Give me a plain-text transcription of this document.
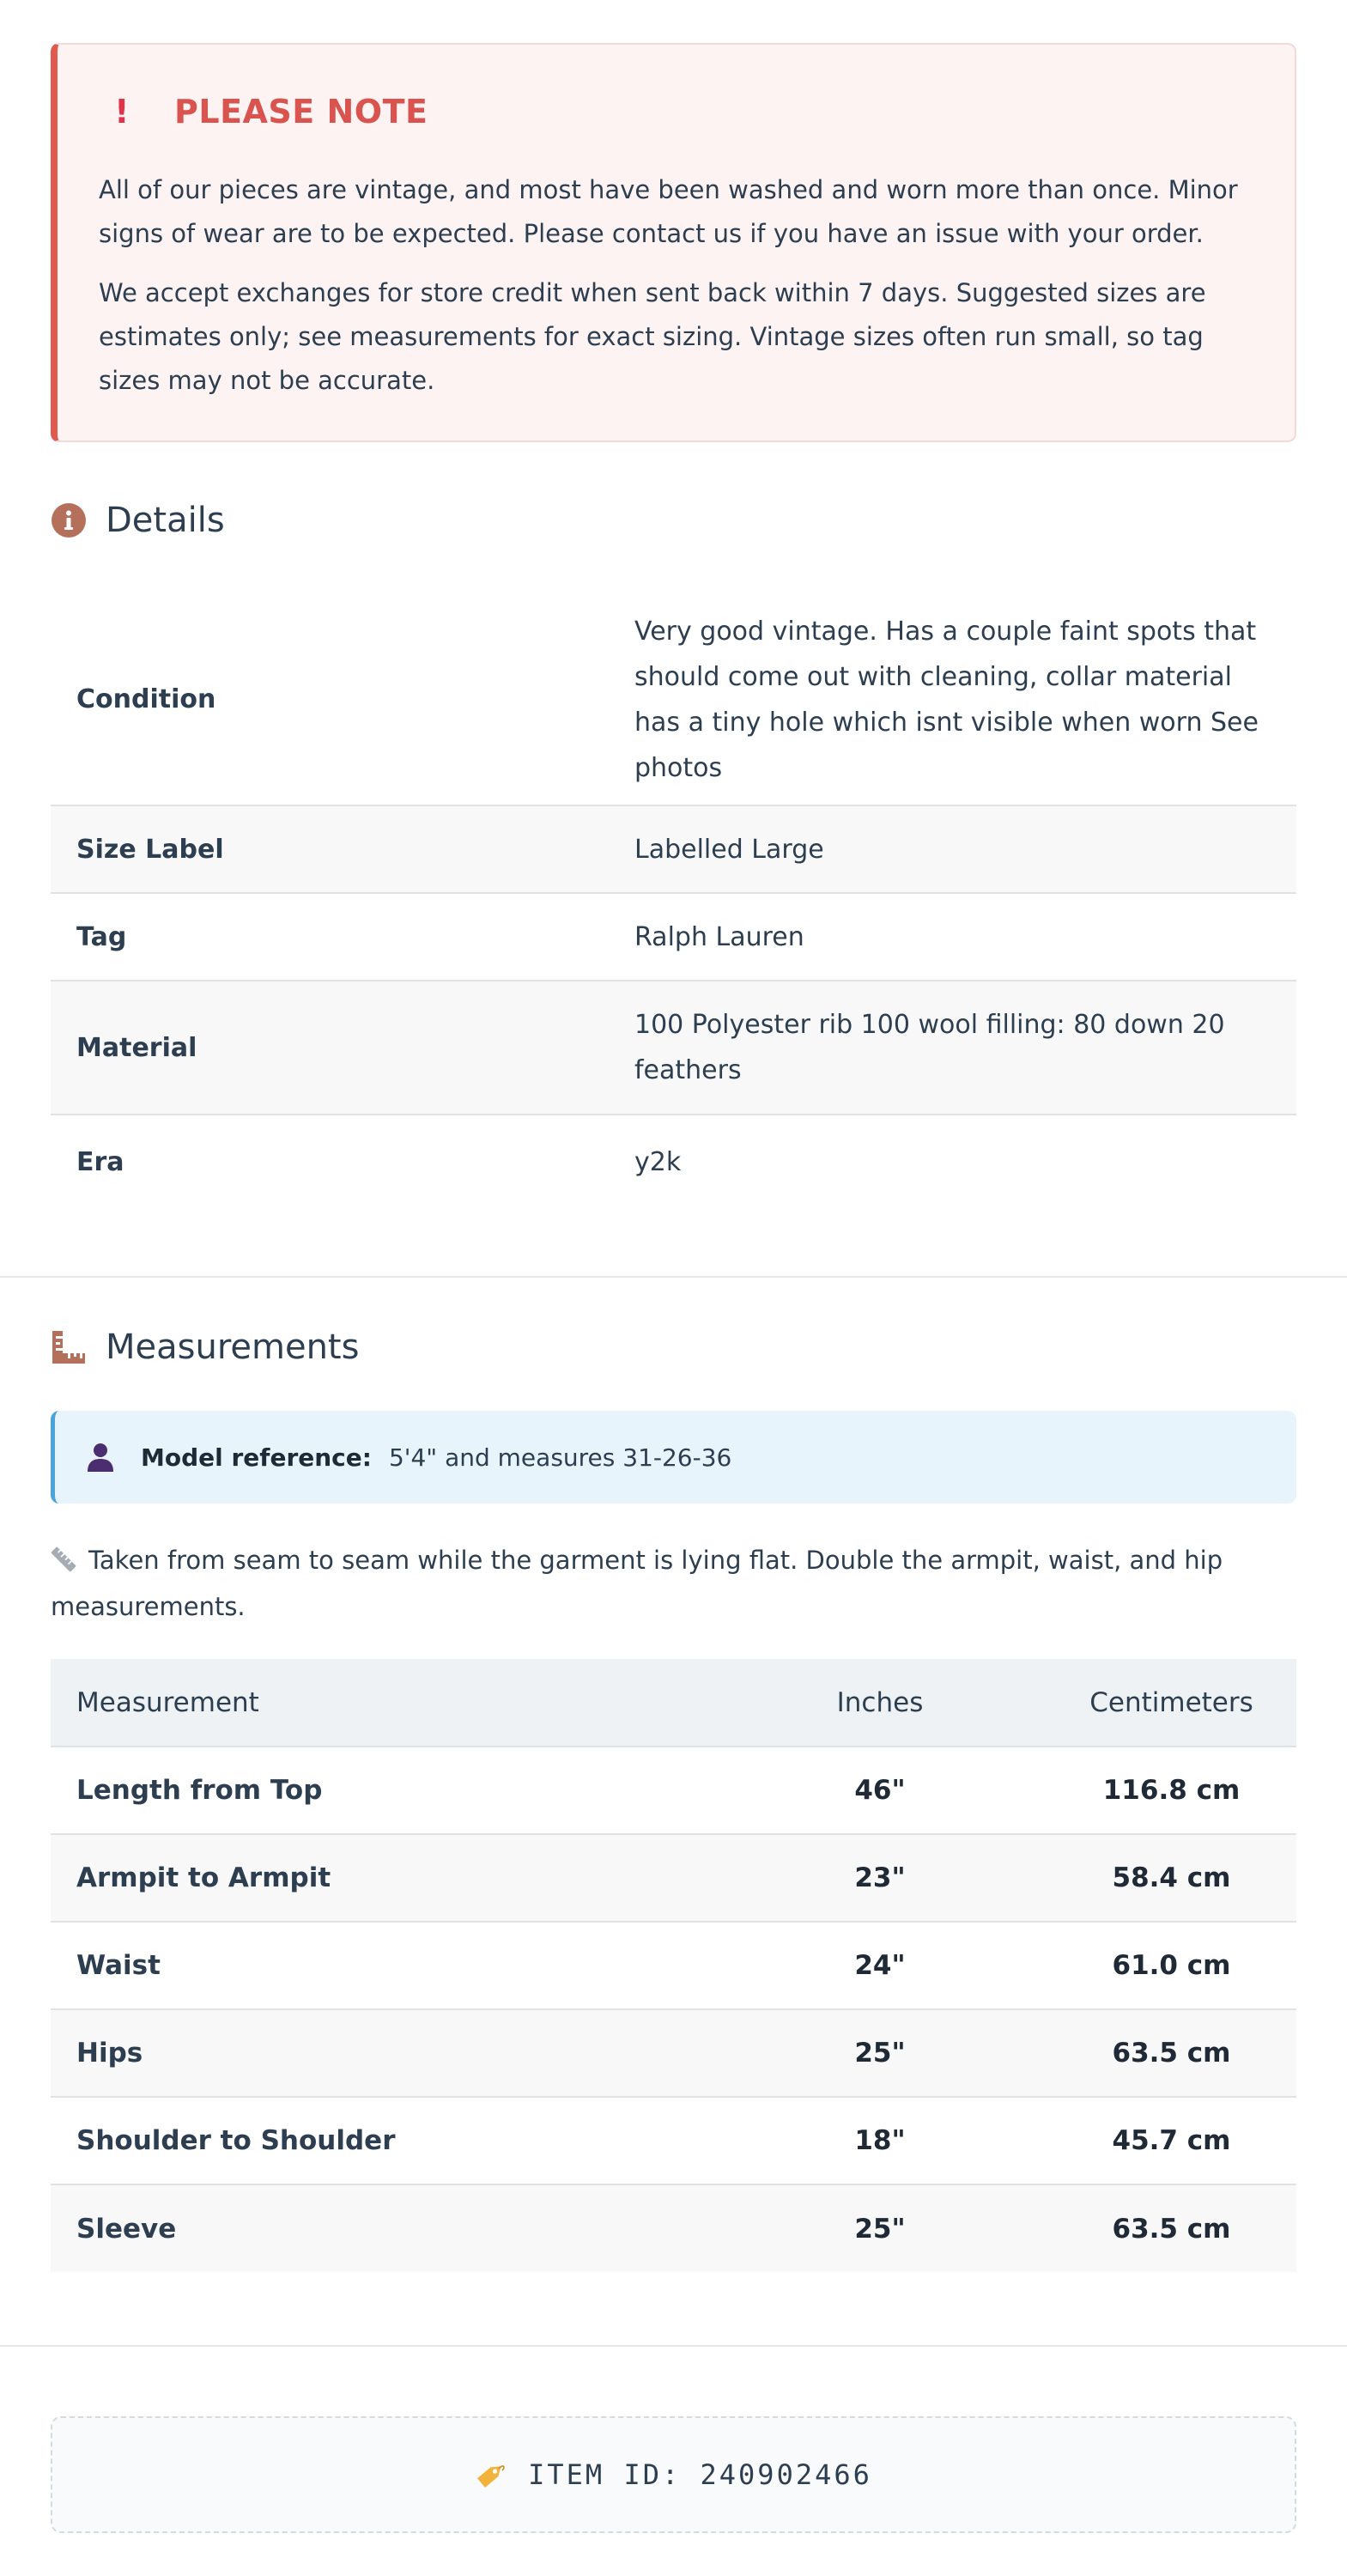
! PLEASE NOTE

All of our pieces are vintage, and most have been washed and worn more than once. Minor signs of wear are to be expected. Please contact us if you have an issue with your order.

We accept exchanges for store credit when sent back within 7 days. Suggested sizes are estimates only; see measurements for exact sizing. Vintage sizes often run small, so tag sizes may not be accurate.

Details
Condition	Very good vintage. Has a couple faint spots that should come out with cleaning, collar material has a tiny hole which isnt visible when worn See photos
Size Label	Labelled Large
Tag	Ralph Lauren
Material	100 Polyester rib 100 wool filling: 80 down 20 feathers
Era	y2k
Measurements
Model reference: 5'4" and measures 31-26-36

Taken from seam to seam while the garment is lying flat. Double the armpit, waist, and hip measurements.

Measurement	Inches	Centimeters
Length from Top	46"	116.8 cm
Armpit to Armpit	23"	58.4 cm
Waist	24"	61.0 cm
Hips	25"	63.5 cm
Shoulder to Shoulder	18"	45.7 cm
Sleeve	25"	63.5 cm
ITEM ID: 240902466
